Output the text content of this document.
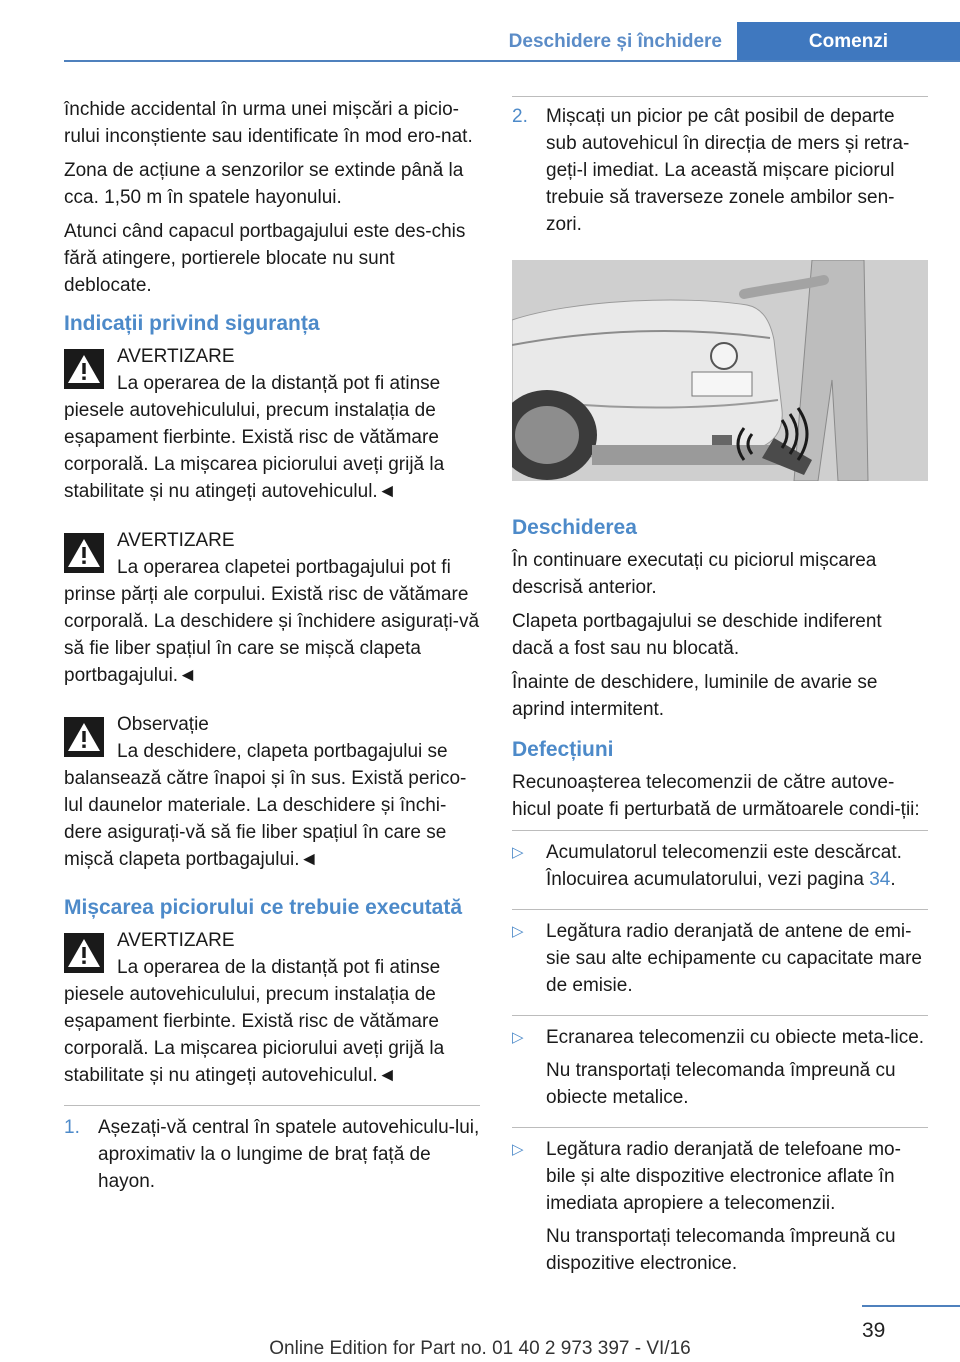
Deschidere și închidere	Comenzi

închide accidental în urma unei mișcări a picio-rului inconștiente sau identificate în mod ero-nat.

Zona de acțiune a senzorilor se extinde până la cca. 1,50 m în spatele hayonului.

Atunci când capacul portbagajului este des-chis fără atingere, portierele blocate nu sunt deblocate.

Indicații privind siguranța
AVERTIZARE
La operarea de la distanță pot fi atinse

piesele autovehiculului, precum instalația de eșapament fierbinte. Există risc de vătămare corporală. La mișcarea piciorului aveți grijă la stabilitate și nu atingeți autovehiculul.◄

AVERTIZARE
La operarea clapetei portbagajului pot fi

prinse părți ale corpului. Există risc de vătămare corporală. La deschidere și închidere asigurați-vă să fie liber spațiul în care se mișcă clapeta portbagajului.◄

Observație
La deschidere, clapeta portbagajului se

balansează către înapoi și în sus. Există perico-lul daunelor materiale. La deschidere și închi-dere asigurați-vă să fie liber spațiul în care se mișcă clapeta portbagajului.◄

Mișcarea piciorului ce trebuie executată
AVERTIZARE
La operarea de la distanță pot fi atinse

piesele autovehiculului, precum instalația de eșapament fierbinte. Există risc de vătămare corporală. La mișcarea piciorului aveți grijă la stabilitate și nu atingeți autovehiculul.◄

1. Așezați-vă central în spatele autovehiculu-lui, aproximativ la o lungime de braț față de hayon.
2. Mișcați un picior pe cât posibil de departe sub autovehicul în direcția de mers și retra-geți-l imediat. La această mișcare piciorul trebuie să traverseze zonele ambilor sen-zori.
Deschiderea

În continuare executați cu piciorul mișcarea descrisă anterior.

Clapeta portbagajului se deschide indiferent dacă a fost sau nu blocată.

Înainte de deschidere, luminile de avarie se aprind intermitent.

Defecțiuni

Recunoașterea telecomenzii de către autove-hicul poate fi perturbată de următoarele condi-ții:

▷	Acumulatorul telecomenzii este descărcat. Înlocuirea acumulatorului, vezi pagina 34.

▷	Legătura radio deranjată de antene de emi-sie sau alte echipamente cu capacitate mare de emisie.

▷	Ecranarea telecomenzii cu obiecte meta-lice.

Nu transportați telecomanda împreună cu obiecte metalice.

▷	Legătura radio deranjată de telefoane mo-bile și alte dispozitive electronice aflate în imediata apropiere a telecomenzii.

Nu transportați telecomanda împreună cu dispozitive electronice.

39
Online Edition for Part no. 01 40 2 973 397 - VI/16
